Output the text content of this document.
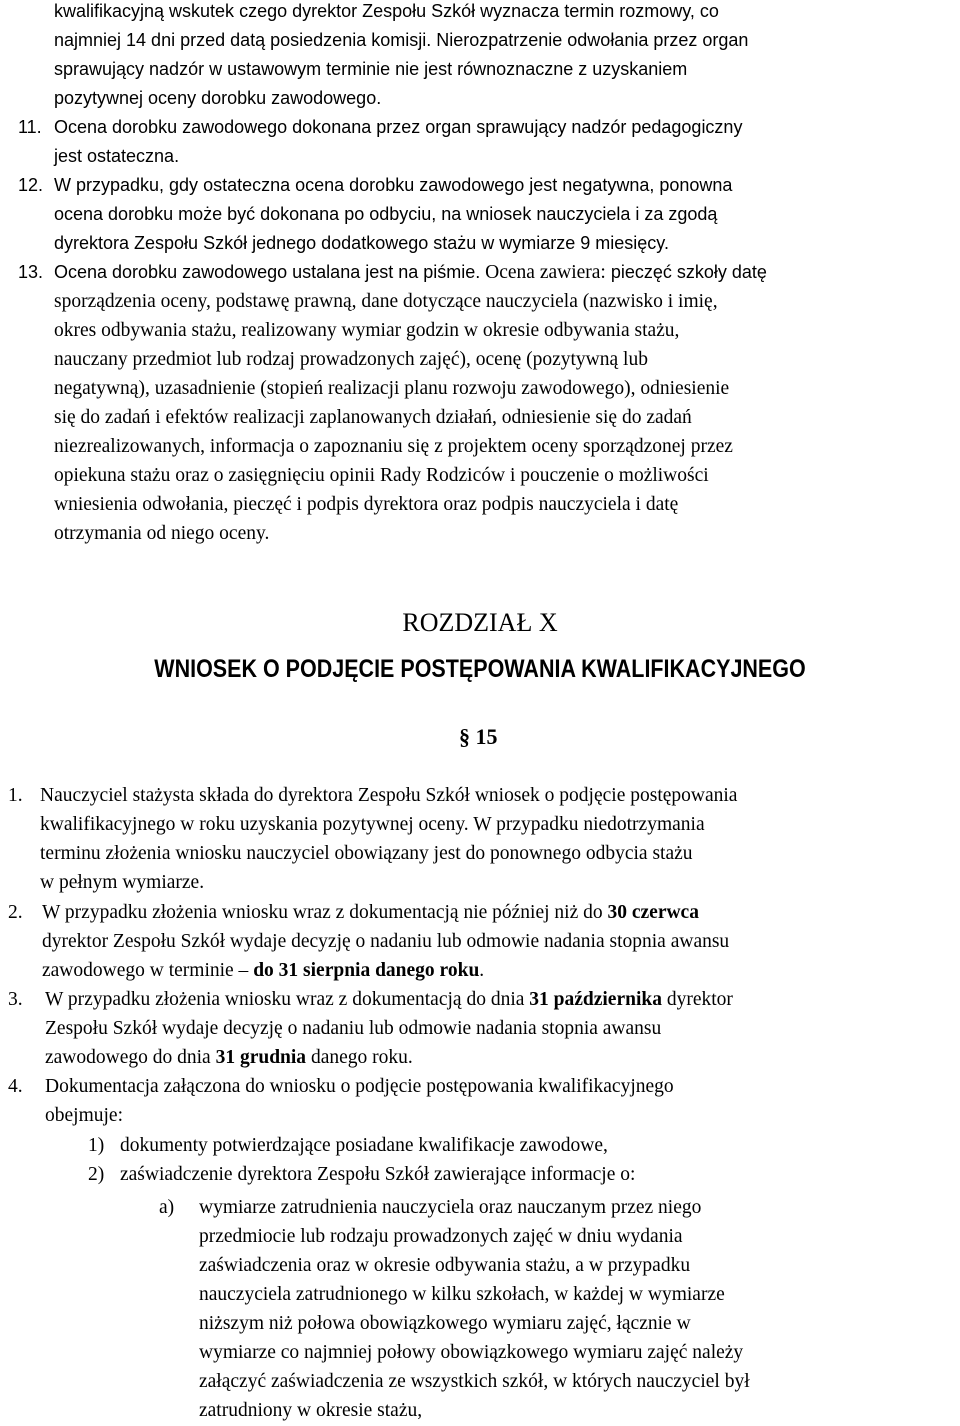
kwalifikacyjną wskutek czego dyrektor Zespołu Szkół wyznacza termin rozmowy, co
najmniej 14 dni przed datą posiedzenia komisji. Nierozpatrzenie odwołania przez organ
sprawujący nadzór w ustawowym terminie nie jest równoznaczne z uzyskaniem
pozytywnej oceny dorobku zawodowego.
11. Ocena dorobku zawodowego dokonana przez organ sprawujący nadzór pedagogiczny
jest ostateczna.
12. W przypadku, gdy ostateczna ocena dorobku zawodowego jest negatywna, ponowna
ocena dorobku może być dokonana po odbyciu, na wniosek nauczyciela i za zgodą
dyrektora Zespołu Szkół jednego dodatkowego stażu w wymiarze 9 miesięcy.
13. Ocena dorobku zawodowego ustalana jest na piśmie. Ocena zawiera: pieczęć szkoły datę
sporządzenia oceny, podstawę prawną, dane dotyczące nauczyciela (nazwisko i imię,
okres odbywania stażu, realizowany wymiar godzin w okresie odbywania stażu,
nauczany przedmiot lub rodzaj prowadzonych zajęć), ocenę (pozytywną lub
negatywną), uzasadnienie (stopień realizacji planu rozwoju zawodowego), odniesienie
się do zadań i efektów realizacji zaplanowanych działań, odniesienie się do zadań
niezrealizowanych, informacja o zapoznaniu się z projektem oceny sporządzonej przez
opiekuna stażu oraz o zasięgnięciu opinii Rady Rodziców i pouczenie o możliwości
wniesienia odwołania, pieczęć i podpis dyrektora oraz podpis nauczyciela i datę
otrzymania od niego oceny.
ROZDZIAŁ X
WNIOSEK O PODJĘCIE POSTĘPOWANIA KWALIFIKACYJNEGO
§ 15
1. Nauczyciel stażysta składa do dyrektora Zespołu Szkół wniosek o podjęcie postępowania
kwalifikacyjnego w roku uzyskania pozytywnej oceny. W przypadku niedotrzymania
terminu złożenia wniosku nauczyciel obowiązany jest do ponownego odbycia stażu
w pełnym wymiarze.
2. W przypadku złożenia wniosku wraz z dokumentacją nie później niż do 30 czerwca
dyrektor Zespołu Szkół wydaje decyzję o nadaniu lub odmowie nadania stopnia awansu
zawodowego w terminie – do 31 sierpnia danego roku.
3. W przypadku złożenia wniosku wraz z dokumentacją do dnia 31 października dyrektor
Zespołu Szkół wydaje decyzję o nadaniu lub odmowie nadania stopnia awansu
zawodowego do dnia 31 grudnia danego roku.
4. Dokumentacja załączona do wniosku o podjęcie postępowania kwalifikacyjnego
obejmuje:
1) dokumenty potwierdzające posiadane kwalifikacje zawodowe,
2) zaświadczenie dyrektora Zespołu Szkół zawierające informacje o:
a) wymiarze zatrudnienia nauczyciela oraz nauczanym przez niego
przedmiocie lub rodzaju prowadzonych zajęć w dniu wydania
zaświadczenia oraz w okresie odbywania stażu, a w przypadku
nauczyciela zatrudnionego w kilku szkołach, w każdej w wymiarze
niższym niż połowa obowiązkowego wymiaru zajęć, łącznie w
wymiarze co najmniej połowy obowiązkowego wymiaru zajęć należy
załączyć zaświadczenia ze wszystkich szkół, w których nauczyciel był
zatrudniony w okresie stażu,
